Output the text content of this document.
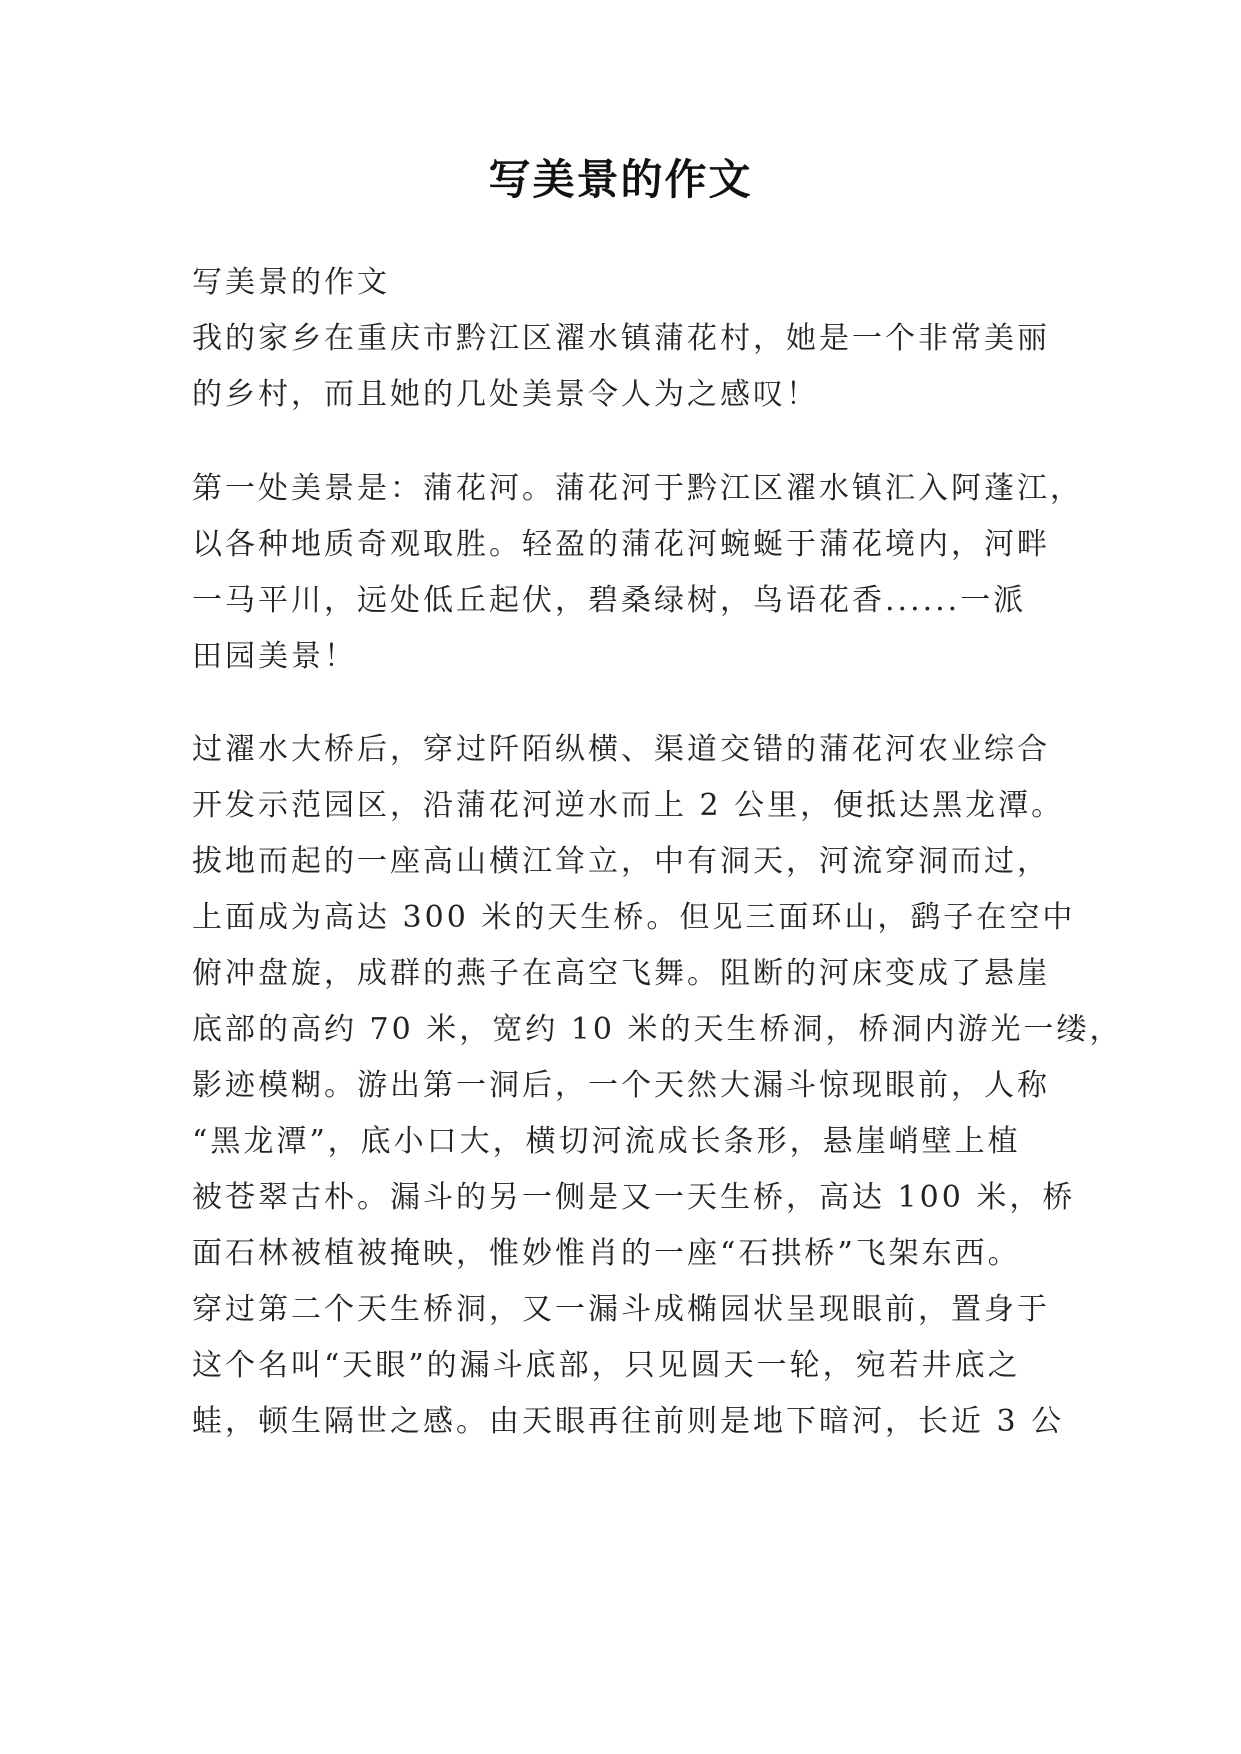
写美景的作文
写美景的作文
我的家乡在重庆市黔江区濯水镇蒲花村，她是一个非常美丽
的乡村，而且她的几处美景令人为之感叹！
第一处美景是：蒲花河。蒲花河于黔江区濯水镇汇入阿蓬江，
以各种地质奇观取胜。轻盈的蒲花河蜿蜒于蒲花境内，河畔
一马平川，远处低丘起伏，碧桑绿树，鸟语花香......一派
田园美景！
过濯水大桥后，穿过阡陌纵横、渠道交错的蒲花河农业综合
开发示范园区，沿蒲花河逆水而上 2 公里，便抵达黑龙潭。
拔地而起的一座高山横江耸立，中有洞天，河流穿洞而过，
上面成为高达 300 米的天生桥。但见三面环山，鹞子在空中
俯冲盘旋，成群的燕子在高空飞舞。阻断的河床变成了悬崖
底部的高约 70 米，宽约 10 米的天生桥洞，桥洞内游光一缕，
影迹模糊。游出第一洞后，一个天然大漏斗惊现眼前，人称
“黑龙潭”，底小口大，横切河流成长条形，悬崖峭壁上植
被苍翠古朴。漏斗的另一侧是又一天生桥，高达 100 米，桥
面石林被植被掩映，惟妙惟肖的一座“石拱桥”飞架东西。
穿过第二个天生桥洞，又一漏斗成椭园状呈现眼前，置身于
这个名叫“天眼”的漏斗底部，只见圆天一轮，宛若井底之
蛙，顿生隔世之感。由天眼再往前则是地下暗河，长近 3 公
